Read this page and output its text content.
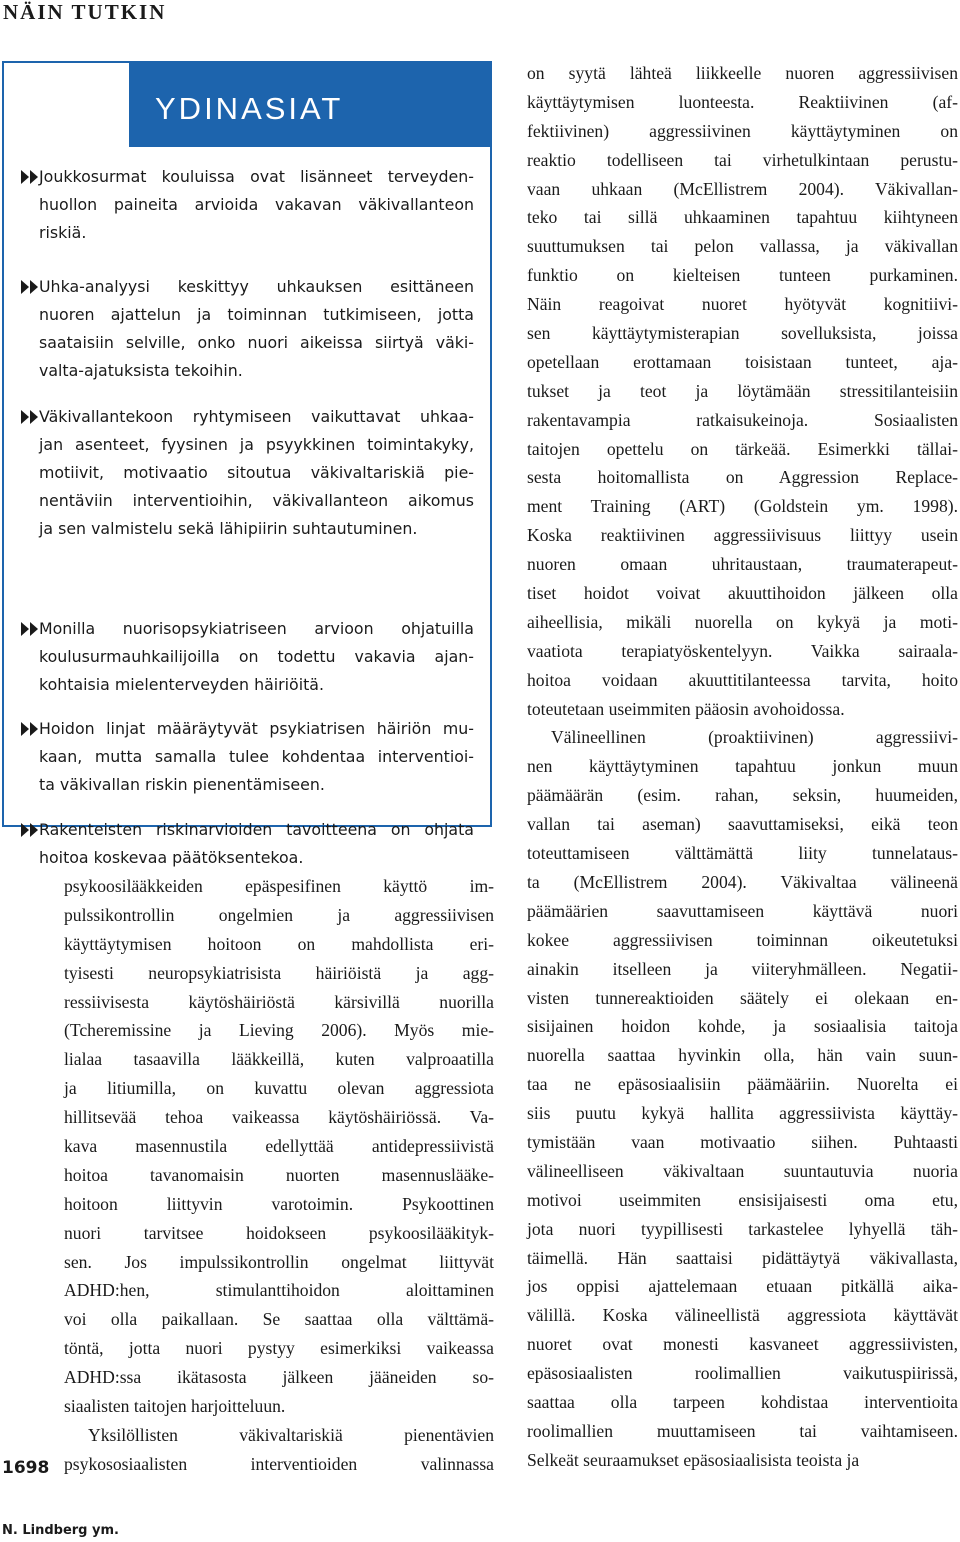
NÄIN TUTKIN
YDINASIAT
Joukkosurmat kouluissa ovat lisänneet terveyden-
huollon paineita arvioida vakavan väkivallanteon
riskiä.
Uhka-analyysi keskittyy uhkauksen esittäneen
nuoren ajattelun ja toiminnan tutkimiseen, jotta
saataisiin selville, onko nuori aikeissa siirtyä väki-
valta-ajatuksista tekoihin.
Väkivallantekoon ryhtymiseen vaikuttavat uhkaa-
jan asenteet, fyysinen ja psyykkinen toimintakyky,
motiivit, motivaatio sitoutua väkivaltariskiä pie-
nentäviin interventioihin, väkivallanteon aikomus
ja sen valmistelu sekä lähipiirin suhtautuminen.
Monilla nuorisopsykiatriseen arvioon ohjatuilla
koulusurmauhkailijoilla on todettu vakavia ajan-
kohtaisia mielenterveyden häiriöitä.
Hoidon linjat määräytyvät psykiatrisen häiriön mu-
kaan, mutta samalla tulee kohdentaa interventioi-
ta väkivallan riskin pienentämiseen.
Rakenteisten riskinarvioiden tavoitteena on ohjata
hoitoa koskevaa päätöksentekoa.
psykoosilääkkeiden epäspesifinen käyttö im-
pulssikontrollin ongelmien ja aggressiivisen
käyttäytymisen hoitoon on mahdollista eri-
tyisesti neuropsykiatrisista häiriöistä ja agg-
ressiivisesta käytöshäiriöstä kärsivillä nuorilla
(Tcheremissine ja Lieving 2006). Myös mie-
lialaa tasaavilla lääkkeillä, kuten valproaatilla
ja litiumilla, on kuvattu olevan aggressiota
hillitsevää tehoa vaikeassa käytöshäiriössä. Va-
kava masennustila edellyttää antidepressiivistä
hoitoa tavanomaisin nuorten masennuslääke-
hoitoon liittyvin varotoimin. Psykoottinen
nuori tarvitsee hoidokseen psykoosilääkityk-
sen. Jos impulssikontrollin ongelmat liittyvät
ADHD:hen, stimulanttihoidon aloittaminen
voi olla paikallaan. Se saattaa olla välttämä-
töntä, jotta nuori pystyy esimerkiksi vaikeassa
ADHD:ssa ikätasosta jälkeen jääneiden so-
siaalisten taitojen harjoitteluun.
Yksilöllisten väkivaltariskiä pienentävien
psykososiaalisten interventioiden valinnassa
on syytä lähteä liikkeelle nuoren aggressiivisen
käyttäytymisen luonteesta. Reaktiivinen (af-
fektiivinen) aggressiivinen käyttäytyminen on
reaktio todelliseen tai virhetulkintaan perustu-
vaan uhkaan (McEllistrem 2004). Väkivallan-
teko tai sillä uhkaaminen tapahtuu kiihtyneen
suuttumuksen tai pelon vallassa, ja väkivallan
funktio on kielteisen tunteen purkaminen.
Näin reagoivat nuoret hyötyvät kognitiivi-
sen käyttäytymisterapian sovelluksista, joissa
opetellaan erottamaan toisistaan tunteet, aja-
tukset ja teot ja löytämään stressitilanteisiin
rakentavampia ratkaisukeinoja. Sosiaalisten
taitojen opettelu on tärkeää. Esimerkki tällai-
sesta hoitomallista on Aggression Replace-
ment Training (ART) (Goldstein ym. 1998).
Koska reaktiivinen aggressiivisuus liittyy usein
nuoren omaan uhritaustaan, traumaterapeut-
tiset hoidot voivat akuuttihoidon jälkeen olla
aiheellisia, mikäli nuorella on kykyä ja moti-
vaatiota terapiatyöskentelyyn. Vaikka sairaala-
hoitoa voidaan akuuttitilanteessa tarvita, hoito
toteutetaan useimmiten pääosin avohoidossa.
Välineellinen (proaktiivinen) aggressiivi-
nen käyttäytyminen tapahtuu jonkun muun
päämäärän (esim. rahan, seksin, huumeiden,
vallan tai aseman) saavuttamiseksi, eikä teon
toteuttamiseen välttämättä liity tunnelataus-
ta (McEllistrem 2004). Väkivaltaa välineenä
päämäärien saavuttamiseen käyttävä nuori
kokee aggressiivisen toiminnan oikeutetuksi
ainakin itselleen ja viiteryhmälleen. Negatii-
visten tunnereaktioiden säätely ei olekaan en-
sisijainen hoidon kohde, ja sosiaalisia taitoja
nuorella saattaa hyvinkin olla, hän vain suun-
taa ne epäsosiaalisiin päämääriin. Nuorelta ei
siis puutu kykyä hallita aggressiivista käyttäy-
tymistään vaan motivaatio siihen. Puhtaasti
välineelliseen väkivaltaan suuntautuvia nuoria
motivoi useimmiten ensisijaisesti oma etu,
jota nuori tyypillisesti tarkastelee lyhyellä täh-
täimellä. Hän saattaisi pidättäytyä väkivallasta,
jos oppisi ajattelemaan etuaan pitkällä aika-
välillä. Koska välineellistä aggressiota käyttävät
nuoret ovat monesti kasvaneet aggressiivisten,
epäsosiaalisten roolimallien vaikutuspiirissä,
saattaa olla tarpeen kohdistaa interventioita
roolimallien muuttamiseen tai vaihtamiseen.
Selkeät seuraamukset epäsosiaalisista teoista ja
1698
N. Lindberg ym.
